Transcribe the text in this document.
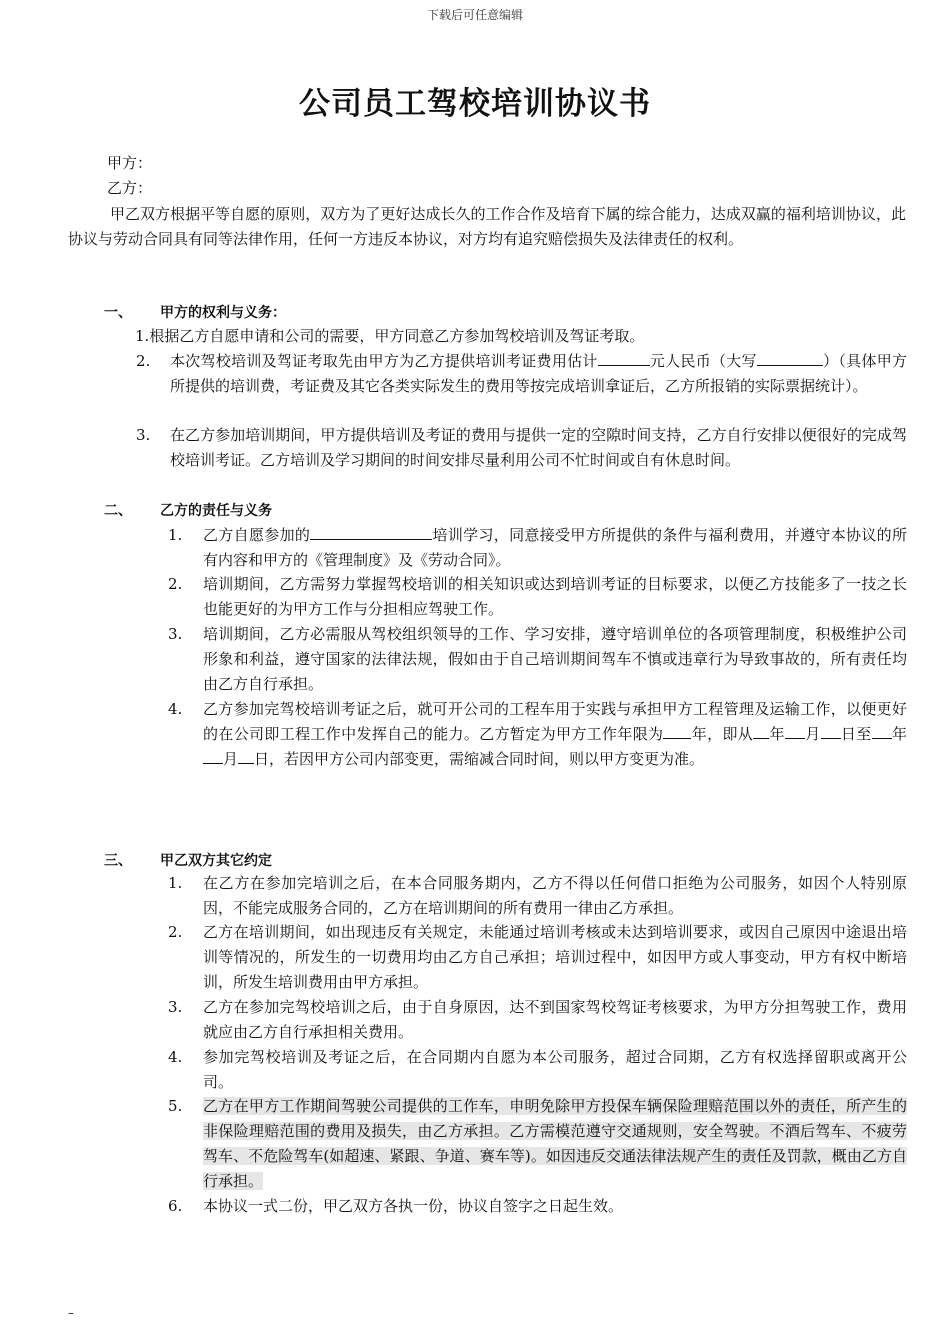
下载后可任意编辑
公司员工驾校培训协议书
甲方：
乙方：
甲乙双方根据平等自愿的原则，双方为了更好达成长久的工作合作及培育下属的综合能力，达成双赢的福利培训协议，此协议与劳动合同具有同等法律作用，任何一方违反本协议，对方均有追究赔偿损失及法律责任的权利。
一、 甲方的权利与义务：
1.根据乙方自愿申请和公司的需要，甲方同意乙方参加驾校培训及驾证考取。
2. 本次驾校培训及驾证考取先由甲方为乙方提供培训考证费用估计	元人民币（大写	）（具体甲方所提供的培训费，考证费及其它各类实际发生的费用等按完成培训拿证后，乙方所报销的实际票据统计）。
3. 在乙方参加培训期间，甲方提供培训及考证的费用与提供一定的空隙时间支持，乙方自行安排以便很好的完成驾校培训考证。乙方培训及学习期间的时间安排尽量利用公司不忙时间或自有休息时间。
二、 乙方的责任与义务
1. 乙方自愿参加的	培训学习，同意接受甲方所提供的条件与福利费用，并遵守本协议的所有内容和甲方的《管理制度》及《劳动合同》。
2. 培训期间，乙方需努力掌握驾校培训的相关知识或达到培训考证的目标要求，以便乙方技能多了一技之长也能更好的为甲方工作与分担相应驾驶工作。
3. 培训期间，乙方必需服从驾校组织领导的工作、学习安排，遵守培训单位的各项管理制度，积极维护公司形象和利益，遵守国家的法律法规，假如由于自己培训期间驾车不慎或违章行为导致事故的，所有责任均由乙方自行承担。
4. 乙方参加完驾校培训考证之后，就可开公司的工程车用于实践与承担甲方工程管理及运输工作，以便更好的在公司即工程工作中发挥自己的能力。乙方暂定为甲方工作年限为 年，即从 年 月 日至 年月 日，若因甲方公司内部变更，需缩减合同时间，则以甲方变更为准。
三、 甲乙双方其它约定
1. 在乙方在参加完培训之后，在本合同服务期内，乙方不得以任何借口拒绝为公司服务，如因个人特别原因，不能完成服务合同的，乙方在培训期间的所有费用一律由乙方承担。
2. 乙方在培训期间，如出现违反有关规定，未能通过培训考核或未达到培训要求，或因自己原因中途退出培训等情况的，所发生的一切费用均由乙方自己承担；培训过程中，如因甲方或人事变动，甲方有权中断培训，所发生培训费用由甲方承担。
3. 乙方在参加完驾校培训之后，由于自身原因，达不到国家驾校驾证考核要求，为甲方分担驾驶工作，费用就应由乙方自行承担相关费用。
4. 参加完驾校培训及考证之后，在合同期内自愿为本公司服务，超过合同期，乙方有权选择留职或离开公司。
5. 乙方在甲方工作期间驾驶公司提供的工作车，申明免除甲方投保车辆保险理赔范围以外的责任，所产生的非保险理赔范围的费用及损失，由乙方承担。乙方需模范遵守交通规则，安全驾驶。不酒后驾车、不疲劳驾车、不危险驾车(如超速、紧跟、争道、赛车等)。如因违反交通法律法规产生的责任及罚款，概由乙方自行承担。
6. 本协议一式二份，甲乙双方各执一份，协议自签字之日起生效。
–
